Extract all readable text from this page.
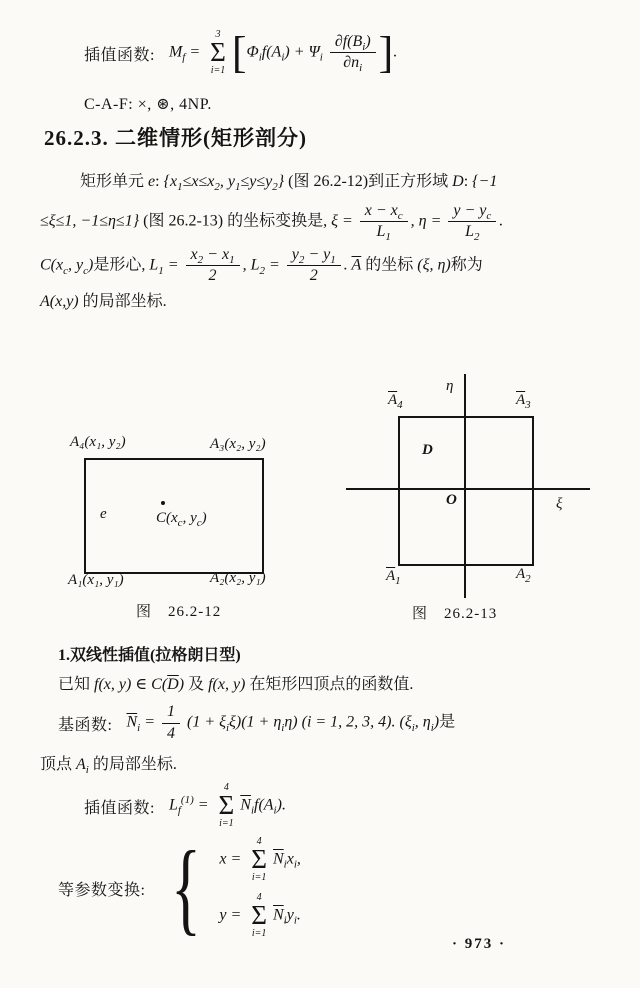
插值函数: $M_f$ =
3
Σ
i=1 [$\Phi_if(A_i) + \Psi_i \frac{\partial f(B_i)}{\partial n_i}$ ].
C-A-F: ×, ⊛, 4NP.
26.2.3. 二维情形(矩形剖分)
矩形单元 e: {$x_1\le x\le x_2$, $y_1\le y\le y_2$} (图 26.2-12)到正方形域 D: {−1
≤ξ≤1, −1≤η≤1} (图 26.2-13) 的坐标变换是, $\xi = \frac{x - x_c}{L_1}$ , $\eta = \frac{y - y_c}{L_2}$ .
$C(x_c$, $y_c$)是形心, $L_1 = \frac{x_2 - x_1}{2}$ , $L_2 = \frac{y_2 - y_1}{2}$ . $\overline{A}$ 的坐标 (ξ, η)称为
A(x,y) 的局部坐标.
A₄(x₁, y₂)	A₃(x₂, y₂)
e	$C(x_c$, $y_c$)
A₁(x₁, y₁)	A₂(x₂, y₁)
图　26.2-12
η
$\overline{A}_4$	$\overline{A}_3$
D
O	ξ
$\overline{A}_1$	$\overline{A}_2$
图　26.2-13
1.双线性插值(拉格朗日型)
已知 f(x, y) ∈ $C(\overline{D})$ 及 f(x, y) 在矩形四顶点的函数值.
基函数: $\overline{N}_i = \frac{1}{4} (1 + \xi_i\xi)(1 + \eta_i\eta) (i = 1$, 2, 3, 4). ($\xi_i$, $\eta_i$)是
顶点 $A_i$ 的局部坐标.
插值函数: $L_f^{(1)}$ =
4
Σ
i=1
$\overline{N}_if(A_i)$.
等参数变换: { x =
4
Σ
i=1
$\overline{N}_ix_i$,
y =
4
Σ
i=1
$\overline{N}_iy_i$.
· 973 ·
